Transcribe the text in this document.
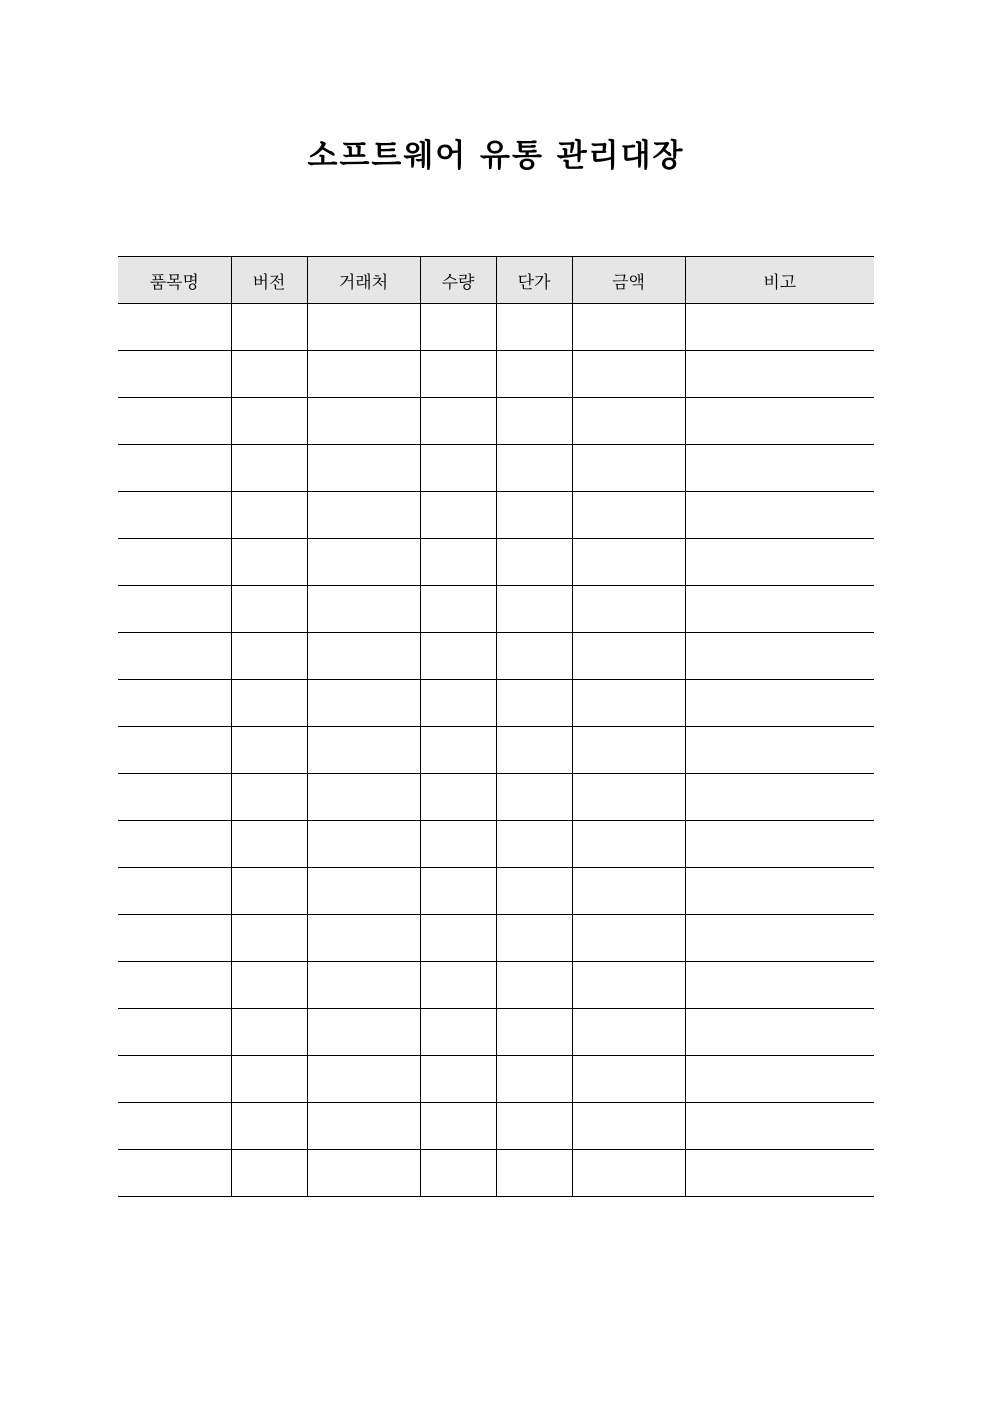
소프트웨어 유통 관리대장
품목명	버전	거래처	수량	단가	금액	비고
